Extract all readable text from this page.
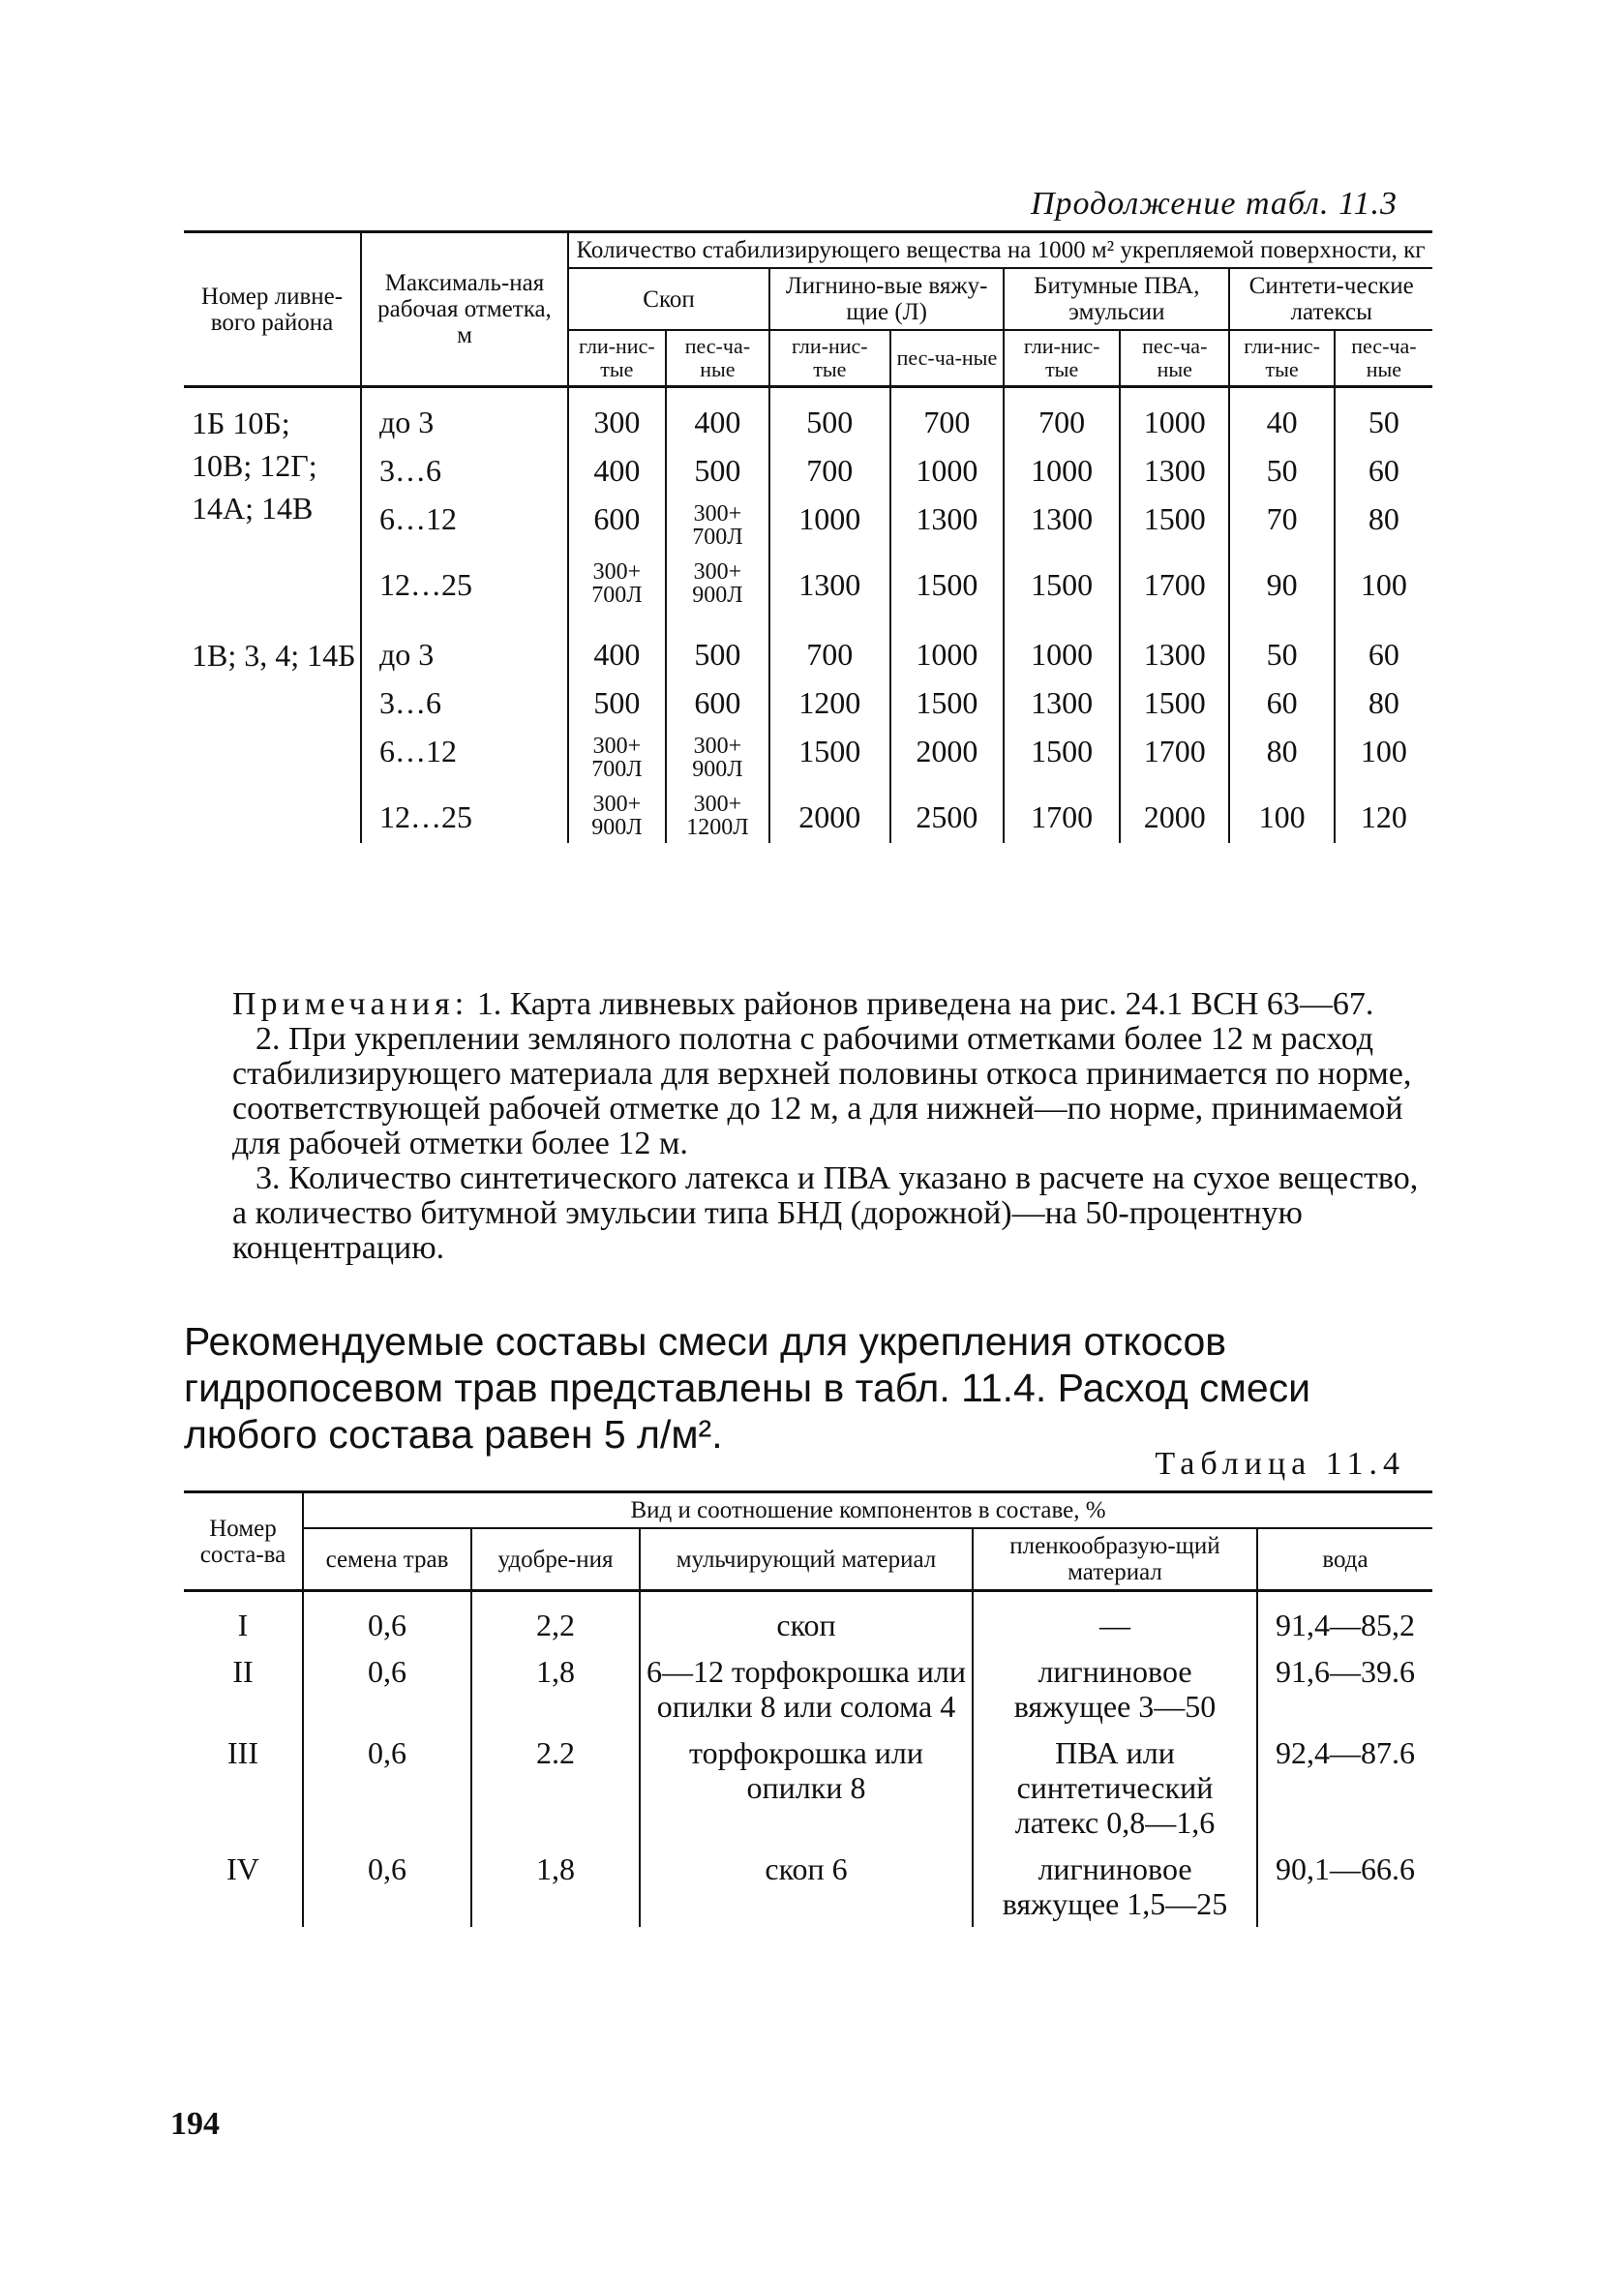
Продолжение табл. 11.3
Номер ливне-вого района	Максималь-ная рабочая отметка, м	Количество стабилизирующего вещества на 1000 м² укрепляемой поверхности, кг							
		Скоп		Лигнино-вые вяжу-щие (Л)		Битумные ПВА, эмульсии		Синтети-ческие латексы	
		гли-нис-тые	пес-ча-ные	гли-нис-тые	пес-ча-ные	гли-нис-тые	пес-ча-ные	гли-нис-тые	пес-ча-ные
1Б 10Б; 10В; 12Г; 14А; 14В	до 3	300	400	500	700	700	1000	40	50
	3…6	400	500	700	1000	1000	1300	50	60
	6…12	600	300+ 700Л	1000	1300	1300	1500	70	80
	12…25	300+ 700Л	300+ 900Л	1300	1500	1500	1700	90	100
1В; 3, 4; 14Б	до 3	400	500	700	1000	1000	1300	50	60
	3…6	500	600	1200	1500	1300	1500	60	80
	6…12	300+ 700Л	300+ 900Л	1500	2000	1500	1700	80	100
	12…25	300+ 900Л	300+ 1200Л	2000	2500	1700	2000	100	120

Примечания: 1. Карта ливневых районов приведена на рис. 24.1 ВСН 63—67.

2. При укреплении земляного полотна с рабочими отметками более 12 м расход стабилизирующего материала для верхней половины откоса принимается по норме, соответствующей рабочей отметке до 12 м, а для нижней—по норме, принимаемой для рабочей отметки более 12 м.

3. Количество синтетического латекса и ПВА указано в расчете на сухое вещество, а количество битумной эмульсии типа БНД (дорожной)—на 50-процентную концентрацию.

Рекомендуемые составы смеси для укрепления откосов гидропосевом трав представлены в табл. 11.4. Расход смеси любого состава равен 5 л/м².
Таблица 11.4
Номер соста-ва	Вид и соотношение компонентов в составе, %				
	семена трав	удобре-ния	мульчирующий материал	пленкообразую-щий материал	вода
I	0,6	2,2	скоп	—	91,4—85,2
II	0,6	1,8	6—12 торфокрошка или опилки 8 или солома 4	лигниновое вяжущее 3—50	91,6—39.6
III	0,6	2.2	торфокрошка или опилки 8	ПВА или синтетический латекс 0,8—1,6	92,4—87.6
IV	0,6	1,8	скоп 6	лигниновое вяжущее 1,5—25	90,1—66.6
194
